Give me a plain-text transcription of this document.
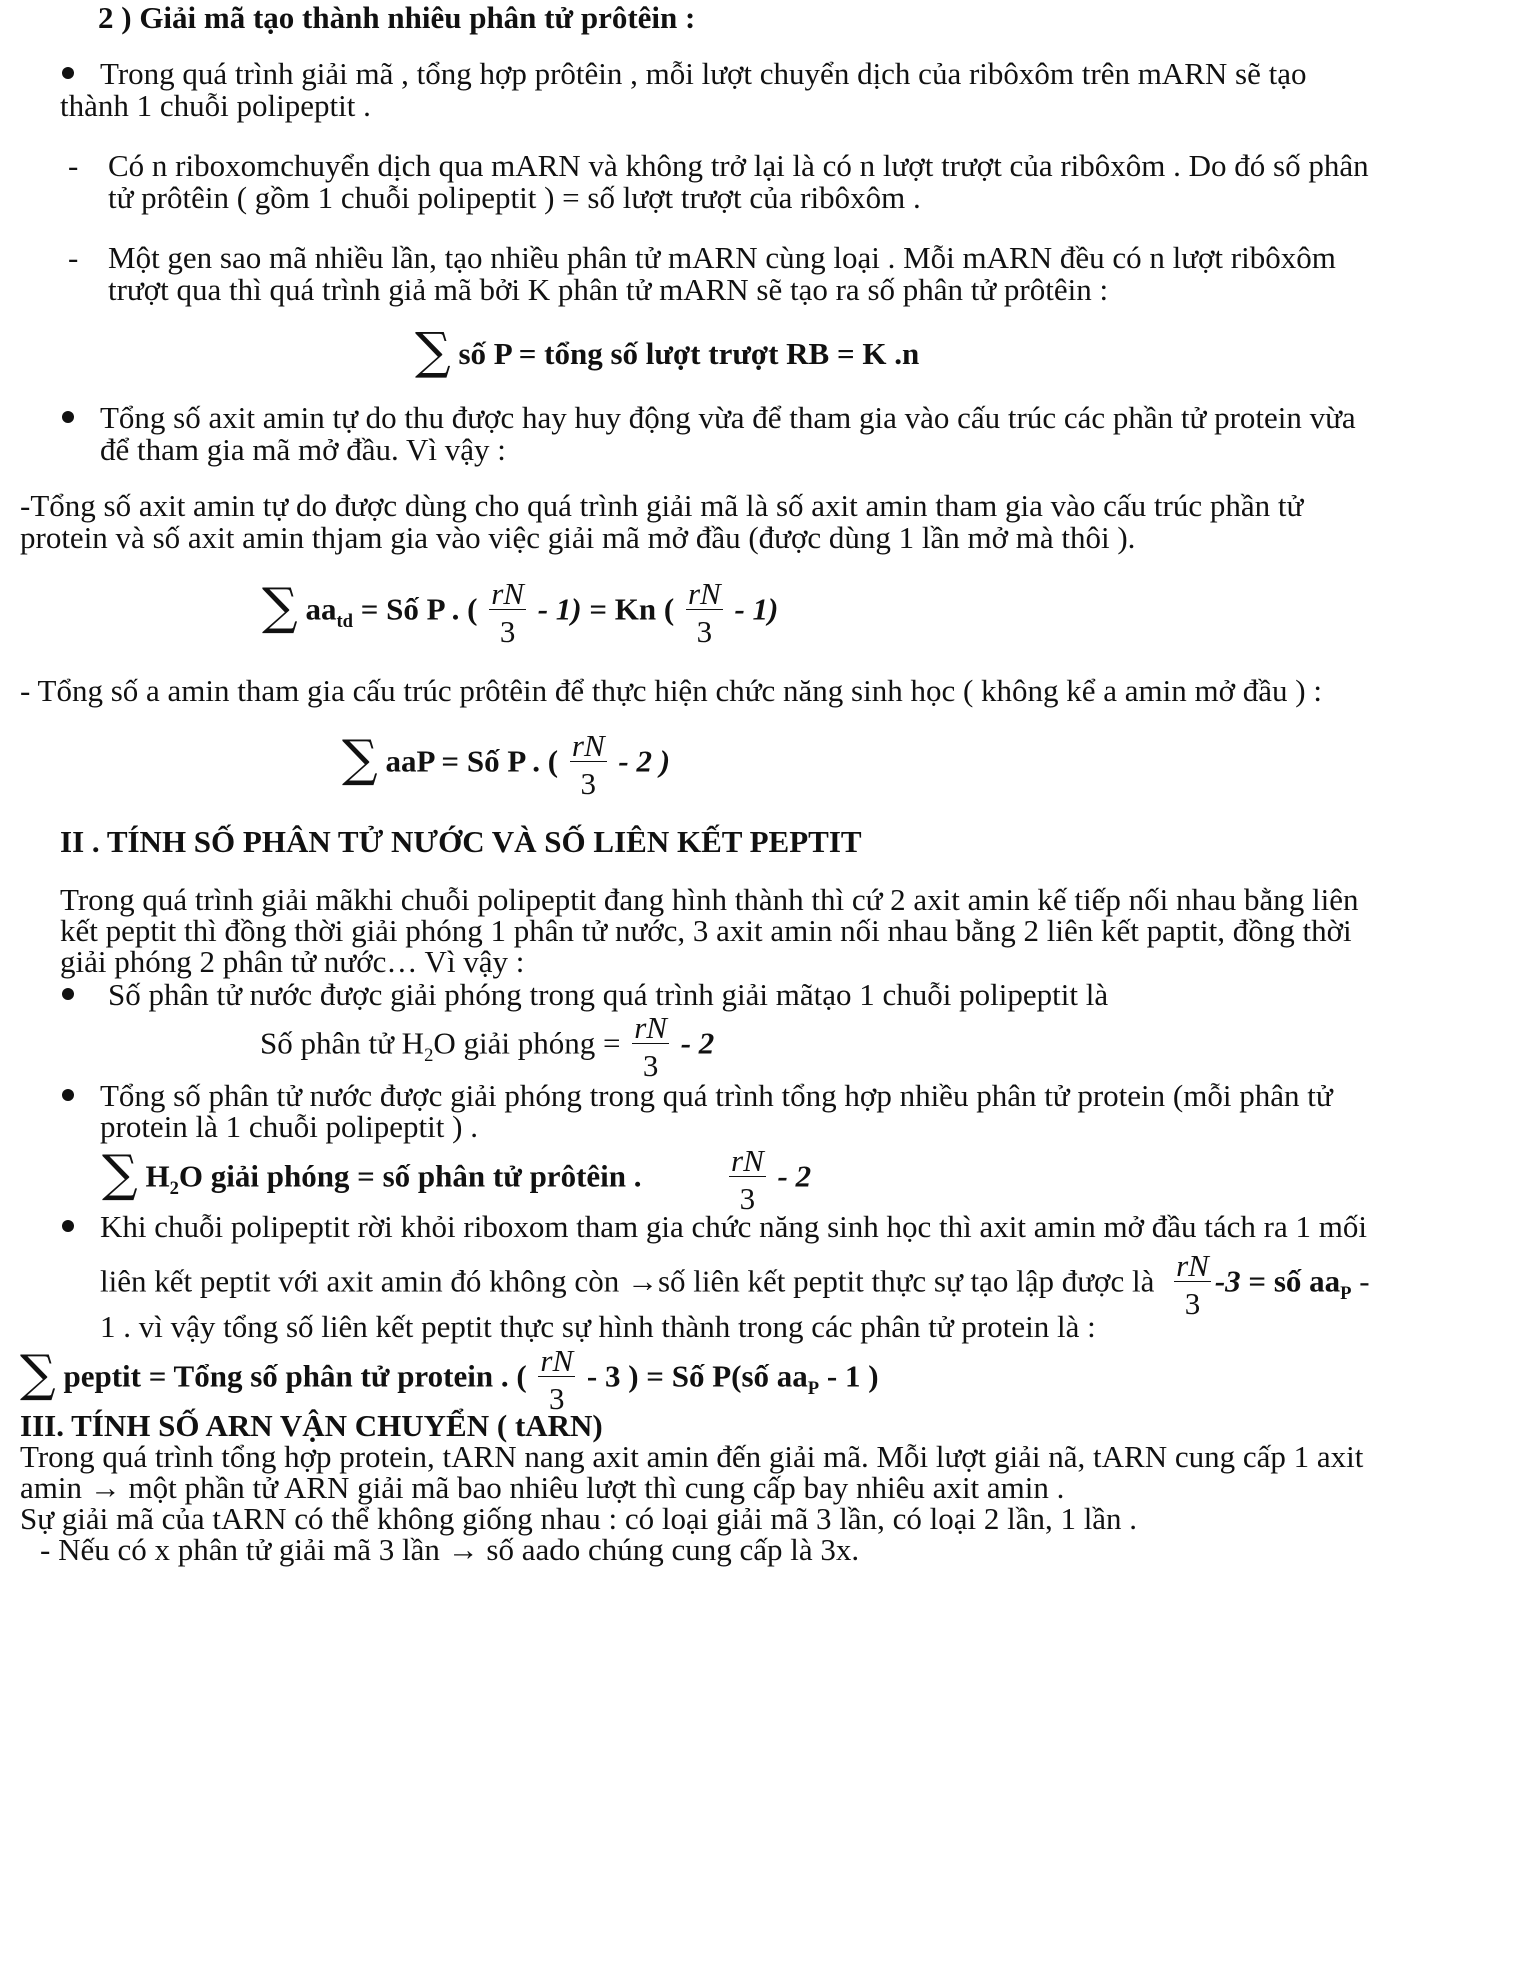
2 ) Giải mã tạo thành nhiêu phân tử prôtêin :
Trong quá trình giải mã , tổng hợp prôtêin , mỗi lượt chuyển dịch của ribôxôm trên mARN sẽ tạo
thành 1 chuỗi polipeptit .
- Có n riboxomchuyển dịch qua mARN và không trở lại là có n lượt trượt của ribôxôm . Do đó số phân
tử prôtêin ( gồm 1 chuỗi polipeptit ) = số lượt trượt của ribôxôm .
- Một gen sao mã nhiều lần, tạo nhiều phân tử mARN cùng loại . Mỗi mARN đều có n lượt ribôxôm
trượt qua thì quá trình giả mã bởi K phân tử mARN sẽ tạo ra số phân tử prôtêin :
∑ số P = tổng số lượt trượt RB = K .n
Tổng số axit amin tự do thu được hay huy động vừa để tham gia vào cấu trúc các phần tử protein vừa
để tham gia mã mở đầu. Vì vậy :
-Tổng số axit amin tự do được dùng cho quá trình giải mã là số axit amin tham gia vào cấu trúc phần tử
protein và số axit amin thjam gia vào việc giải mã mở đầu (được dùng 1 lần mở mà thôi ).
∑ $aa_{td}$ = Số P . ( $\frac{rN}{3} - 1) = Kn$ ( $\frac{rN}{3} - 1$)
- Tổng số a amin tham gia cấu trúc prôtêin để thực hiện chức năng sinh học ( không kể a amin mở đầu ) :
∑ aaP = Số P . ( $\frac{rN}{3} - 2$ )
II . TÍNH SỐ PHÂN TỬ NƯỚC VÀ SỐ LIÊN KẾT PEPTIT
Trong quá trình giải mãkhi chuỗi polipeptit đang hình thành thì cứ 2 axit amin kế tiếp nối nhau bằng liên
kết peptit thì đồng thời giải phóng 1 phân tử nước, 3 axit amin nối nhau bằng 2 liên kết paptit, đồng thời
giải phóng 2 phân tử nước… Vì vậy :
Số phân tử nước được giải phóng trong quá trình giải mãtạo 1 chuỗi polipeptit là
Số phân tử $H_2O$ giải phóng = $\frac{rN}{3} - 2$
Tổng số phân tử nước được giải phóng trong quá trình tổng hợp nhiều phân tử protein (mỗi phân tử
protein là 1 chuỗi polipeptit ) .
∑ $H_2O$ giải phóng = số phân tử prôtêin .	$\frac{rN}{3} - 2$
Khi chuỗi polipeptit rời khỏi riboxom tham gia chức năng sinh học thì axit amin mở đầu tách ra 1 mối
liên kết peptit với axit amin đó không còn →số liên kết peptit thực sự tạo lập được là $\frac{rN}{3} -3$ = số $aa_P$ -
1 . vì vậy tổng số liên kết peptit thực sự hình thành trong các phân tử protein là :
∑ peptit = Tổng số phân tử protein . ( $\frac{rN}{3} - 3$ ) = Số P(số $aa_P - 1$ )
III. TÍNH SỐ ARN VẬN CHUYỂN ( tARN)
Trong quá trình tổng hợp protein, tARN nang axit amin đến giải mã. Mỗi lượt giải nã, tARN cung cấp 1 axit
amin → một phần tử ARN giải mã bao nhiêu lượt thì cung cấp bay nhiêu axit amin .
Sự giải mã của tARN có thể không giống nhau : có loại giải mã 3 lần, có loại 2 lần, 1 lần .
- Nếu có x phân tử giải mã 3 lần → số aado chúng cung cấp là 3x.
